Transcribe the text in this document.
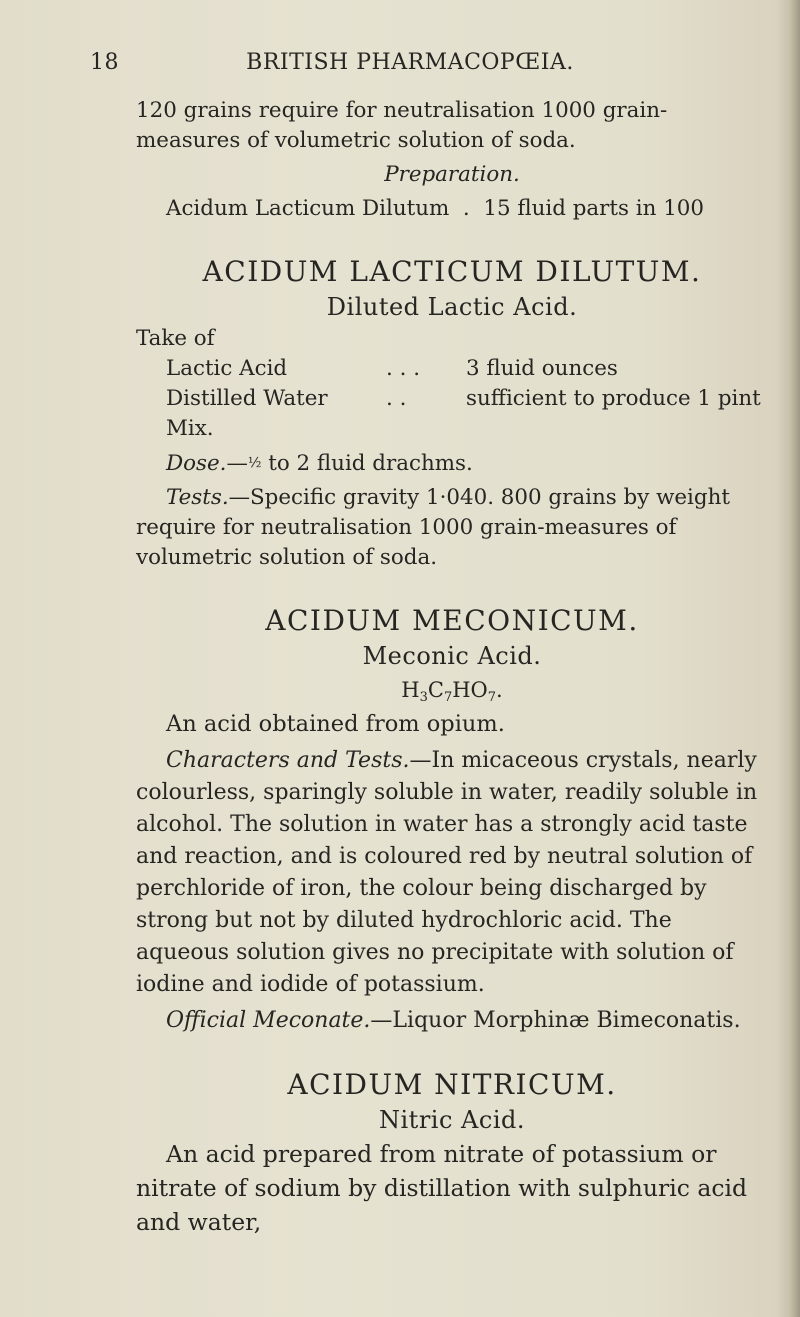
18	BRITISH PHARMACOPŒIA.

120 grains require for neutralisation 1000 grain-measures of volumetric solution of soda.

Preparation.

Acidum Lacticum Dilutum . 15 fluid parts in 100

ACIDUM LACTICUM DILUTUM.
Diluted Lactic Acid.

Take of

Lactic Acid	. . .	3 fluid ounces
Distilled Water	. .	sufficient to produce 1 pint

Mix.

Dose.—½ to 2 fluid drachms.

Tests.—Specific gravity 1·040. 800 grains by weight require for neutralisation 1000 grain-measures of volumetric solution of soda.

ACIDUM MECONICUM.
Meconic Acid.
$H_3C_7HO_7$.

An acid obtained from opium.

Characters and Tests.—In micaceous crystals, nearly colourless, sparingly soluble in water, readily soluble in alcohol. The solution in water has a strongly acid taste and reaction, and is coloured red by neutral solution of perchloride of iron, the colour being discharged by strong but not by diluted hydrochloric acid. The aqueous solution gives no precipitate with solution of iodine and iodide of potassium.

Official Meconate.—Liquor Morphinæ Bimeconatis.

ACIDUM NITRICUM.
Nitric Acid.

An acid prepared from nitrate of potassium or nitrate of sodium by distillation with sulphuric acid and water,
